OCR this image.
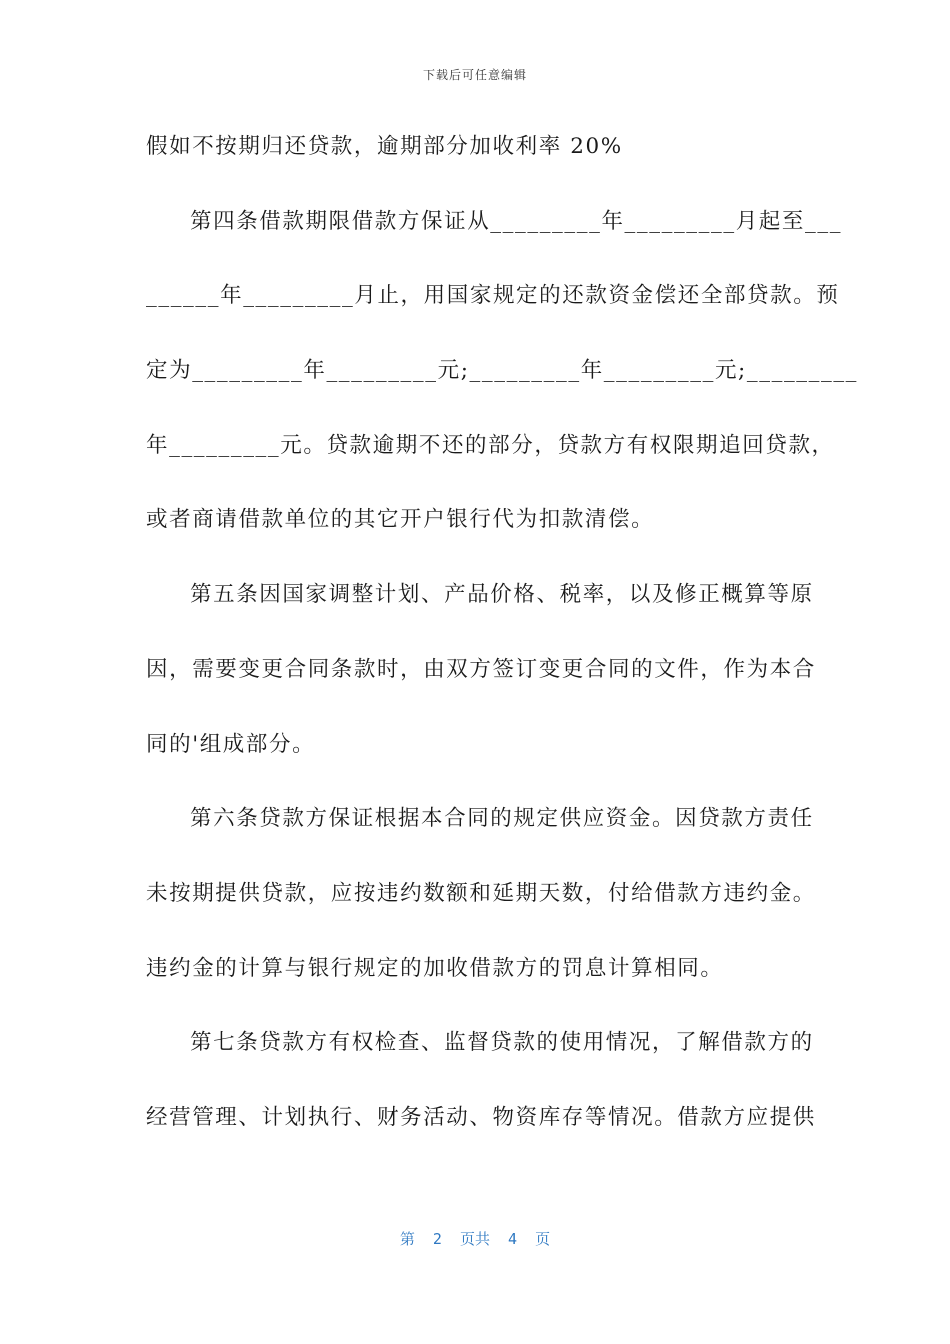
下载后可任意编辑
假如不按期归还贷款，逾期部分加收利率 20%
第四条借款期限借款方保证从_________年_________月起至___
______年_________月止，用国家规定的还款资金偿还全部贷款。预
定为_________年_________元;_________年_________元;_________
年_________元。贷款逾期不还的部分，贷款方有权限期追回贷款，
或者商请借款单位的其它开户银行代为扣款清偿。
第五条因国家调整计划、产品价格、税率，以及修正概算等原
因，需要变更合同条款时，由双方签订变更合同的文件，作为本合
同的'组成部分。
第六条贷款方保证根据本合同的规定供应资金。因贷款方责任
未按期提供贷款，应按违约数额和延期天数，付给借款方违约金。
违约金的计算与银行规定的加收借款方的罚息计算相同。
第七条贷款方有权检查、监督贷款的使用情况，了解借款方的
经营管理、计划执行、财务活动、物资库存等情况。借款方应提供
第  2  页共  4  页
